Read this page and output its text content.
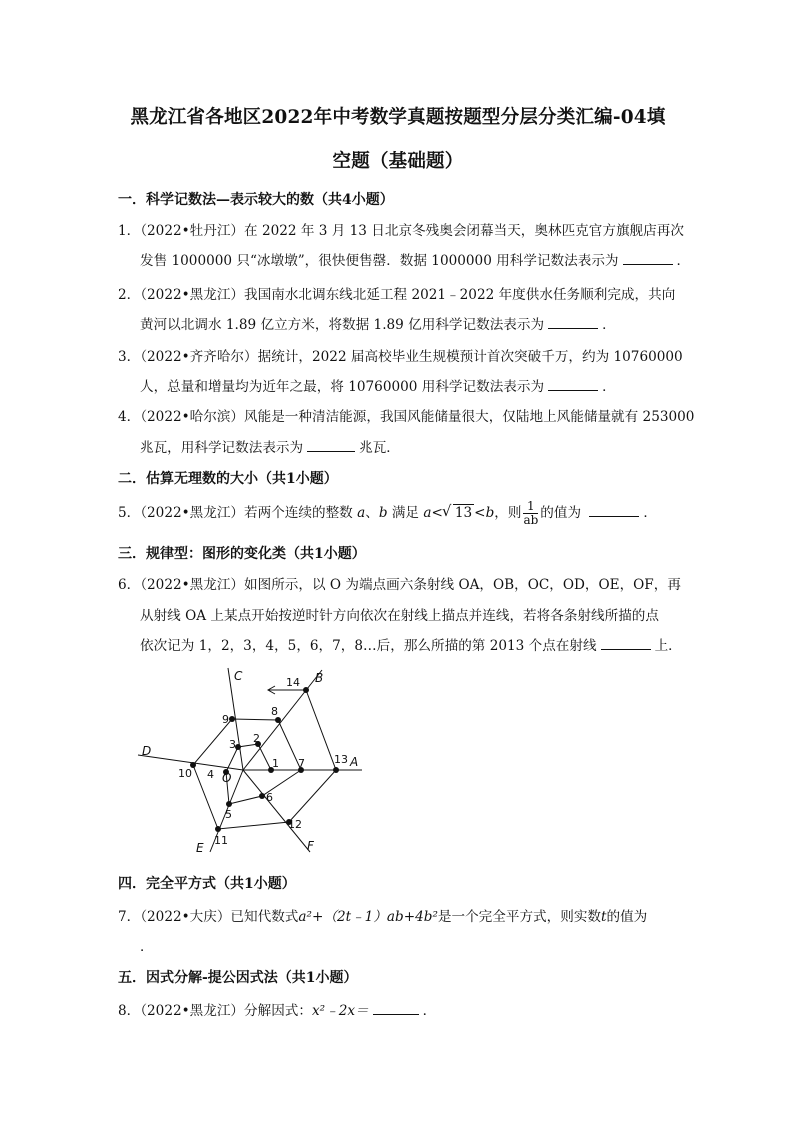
黑龙江省各地区2022年中考数学真题按题型分层分类汇编-04填
空题（基础题）
一．科学记数法—表示较大的数（共4小题）
1．（2022•牡丹江）在 2022 年 3 月 13 日北京冬残奥会闭幕当天，奥林匹克官方旗舰店再次
发售 1000000 只“冰墩墩”，很快便售罄．数据 1000000 用科学记数法表示为	．
2．（2022•黑龙江）我国南水北调东线北延工程 2021﹣2022 年度供水任务顺利完成，共向
黄河以北调水 1.89 亿立方米，将数据 1.89 亿用科学记数法表示为	．
3．（2022•齐齐哈尔）据统计，2022 届高校毕业生规模预计首次突破千万，约为 10760000
人，总量和增量均为近年之最，将 10760000 用科学记数法表示为	．
4．（2022•哈尔滨）风能是一种清洁能源，我国风能储量很大，仅陆地上风能储量就有 253000
兆瓦，用科学记数法表示为	兆瓦．
二．估算无理数的大小（共1小题）
5．（2022•黑龙江）若两个连续的整数 a、b 满足 a<√ 13 <b，则 $\frac{1}{ab}$ 的值为	．
三．规律型：图形的变化类（共1小题）
6．（2022•黑龙江）如图所示，以 O 为端点画六条射线 OA，OB，OC，OD，OE，OF，再
从射线 OA 上某点开始按逆时针方向依次在射线上描点并连线，若将各条射线所描的点
依次记为 1，2，3，4，5，6，7，8…后，那么所描的第 2013 个点在射线	上．
A
B
C
D
E	F
O
1
2
3
4
5
6
7
8
9
10
11
12
13
14
四．完全平方式（共1小题）
7．（2022•大庆）已知代数式a²+（2t﹣1）ab+4b²是一个完全平方式，则实数t的值为
．
五．因式分解-提公因式法（共1小题）
8．（2022•黑龙江）分解因式：x²﹣2x＝	．
